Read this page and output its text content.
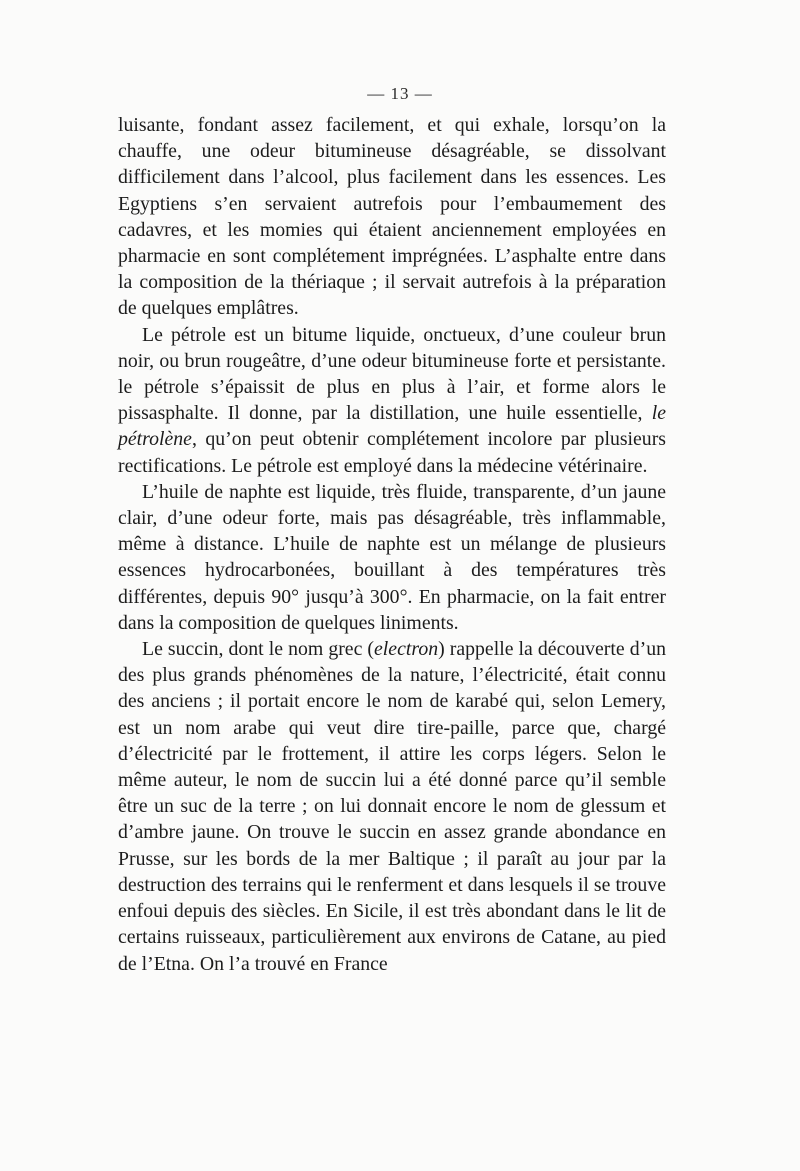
— 13 —

luisante, fondant assez facilement, et qui exhale, lorsqu’on la chauffe, une odeur bitumineuse désagréable, se dissolvant difficilement dans l’alcool, plus facilement dans les essences. Les Egyptiens s’en servaient autrefois pour l’embaumement des cadavres, et les momies qui étaient anciennement employées en pharmacie en sont complétement imprégnées. L’asphalte entre dans la composition de la thériaque ; il servait autrefois à la préparation de quelques emplâtres.

Le pétrole est un bitume liquide, onctueux, d’une couleur brun noir, ou brun rougeâtre, d’une odeur bitumineuse forte et persistante. le pétrole s’épaissit de plus en plus à l’air, et forme alors le pissasphalte. Il donne, par la distillation, une huile essentielle, le pétrolène, qu’on peut obtenir complétement incolore par plusieurs rectifications. Le pétrole est employé dans la médecine vétérinaire.

L’huile de naphte est liquide, très fluide, transparente, d’un jaune clair, d’une odeur forte, mais pas désagréable, très inflammable, même à distance. L’huile de naphte est un mélange de plusieurs essences hydrocarbonées, bouillant à des températures très différentes, depuis 90° jusqu’à 300°. En pharmacie, on la fait entrer dans la composition de quelques liniments.

Le succin, dont le nom grec (electron) rappelle la découverte d’un des plus grands phénomènes de la nature, l’électricité, était connu des anciens ; il portait encore le nom de karabé qui, selon Lemery, est un nom arabe qui veut dire tire-paille, parce que, chargé d’électricité par le frottement, il attire les corps légers. Selon le même auteur, le nom de succin lui a été donné parce qu’il semble être un suc de la terre ; on lui donnait encore le nom de glessum et d’ambre jaune. On trouve le succin en assez grande abondance en Prusse, sur les bords de la mer Baltique ; il paraît au jour par la destruction des terrains qui le renferment et dans lesquels il se trouve enfoui depuis des siècles. En Sicile, il est très abondant dans le lit de certains ruisseaux, particulièrement aux environs de Catane, au pied de l’Etna. On l’a trouvé en France
